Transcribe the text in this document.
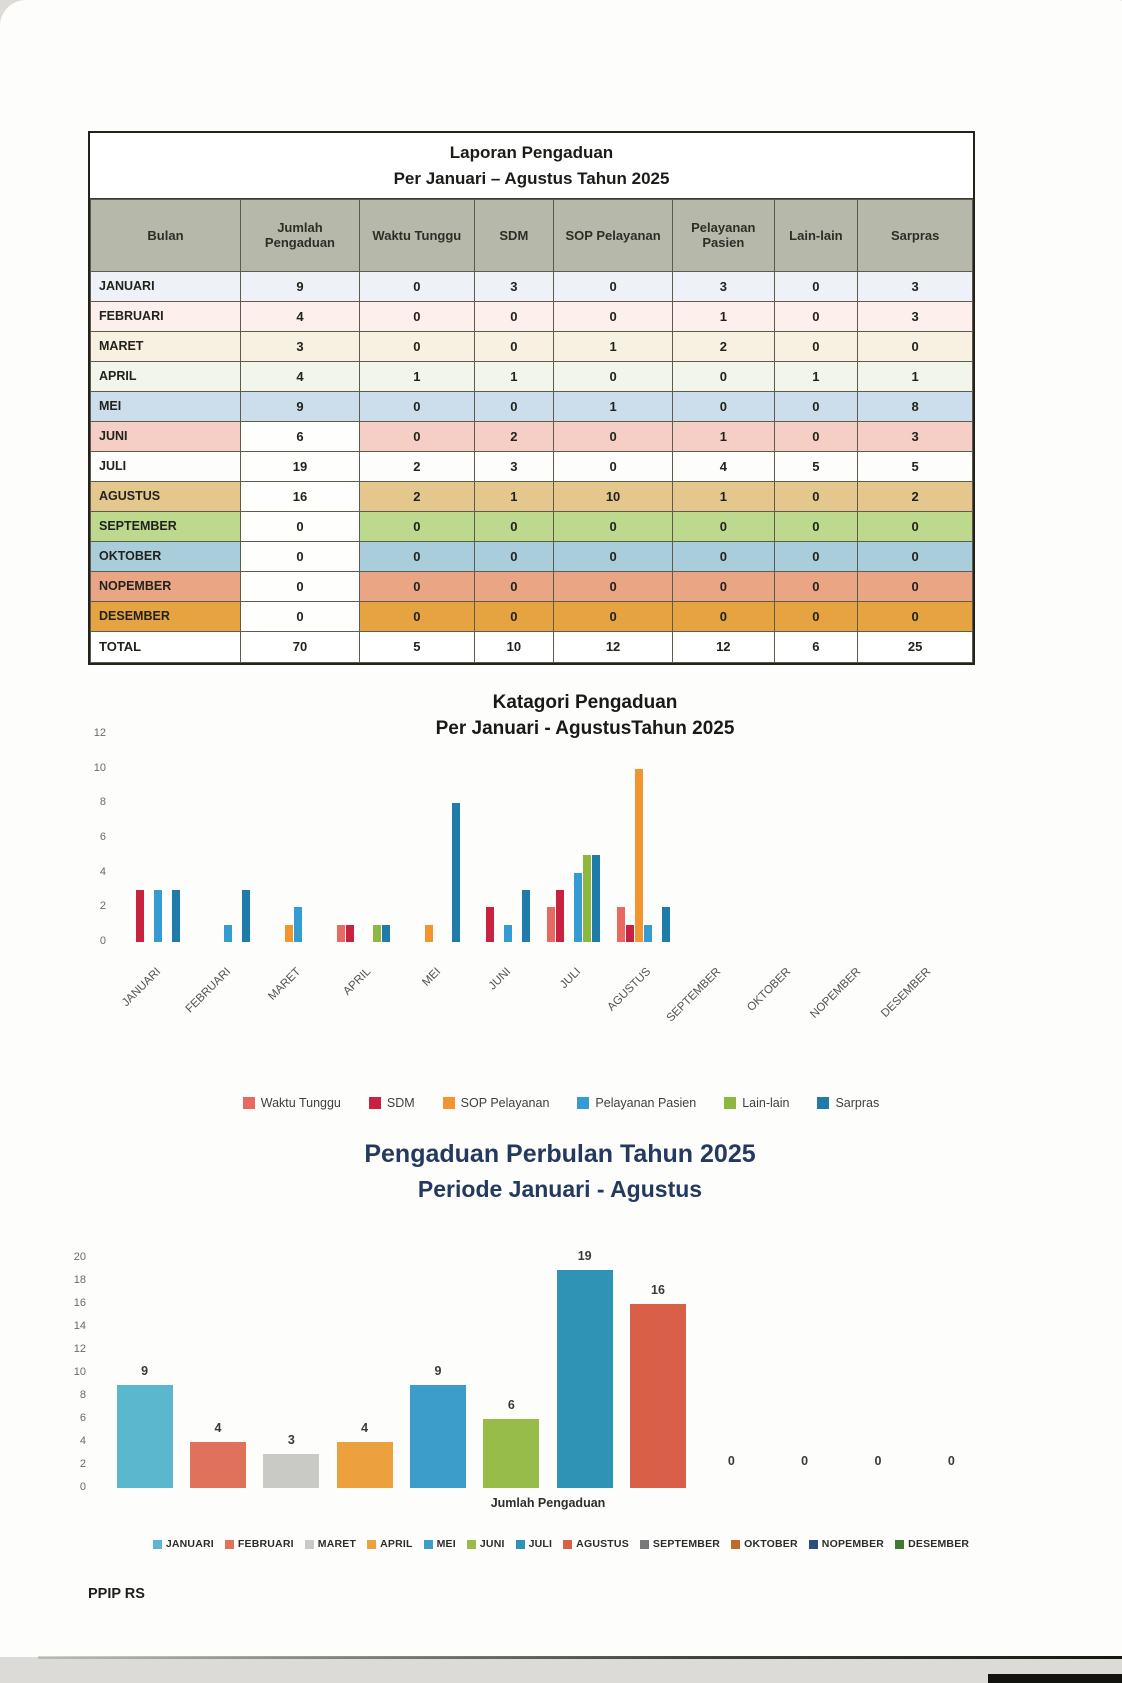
Laporan Pengaduan
Per Januari – Agustus Tahun 2025
Bulan	Jumlah Pengaduan	Waktu Tunggu	SDM	SOP Pelayanan	Pelayanan Pasien	Lain-lain	Sarpras
JANUARI	9	0	3	0	3	0	3
FEBRUARI	4	0	0	0	1	0	3
MARET	3	0	0	1	2	0	0
APRIL	4	1	1	0	0	1	1
MEI	9	0	0	1	0	0	8
JUNI	6	0	2	0	1	0	3
JULI	19	2	3	0	4	5	5
AGUSTUS	16	2	1	10	1	0	2
SEPTEMBER	0	0	0	0	0	0	0
OKTOBER	0	0	0	0	0	0	0
NOPEMBER	0	0	0	0	0	0	0
DESEMBER	0	0	0	0	0	0	0
TOTAL	70	5	10	12	12	6	25
Katagori Pengaduan
Per Januari - AgustusTahun 2025
Waktu Tunggu	SDM	SOP Pelayanan	Pelayanan Pasien	Lain-lain	Sarpras
0
2
4
6
8
10
12
JANUARI	FEBRUARI	MARET	APRIL	MEI	JUNI	JULI	AGUSTUS SEPTEMBER	OKTOBER	NOPEMBER	DESEMBER
Pengaduan Perbulan Tahun 2025
Periode Januari - Agustus
Jumlah Pengaduan
JANUARI FEBRUARI MARET APRIL MEI JUNI JULI AGUSTUS SEPTEMBER OKTOBER NOPEMBER DESEMBER
0
2
4
6
8
10
12
14
16
18
20
9
4
3
4
9
6
19
16
0	0	0	0
PPIP RS
